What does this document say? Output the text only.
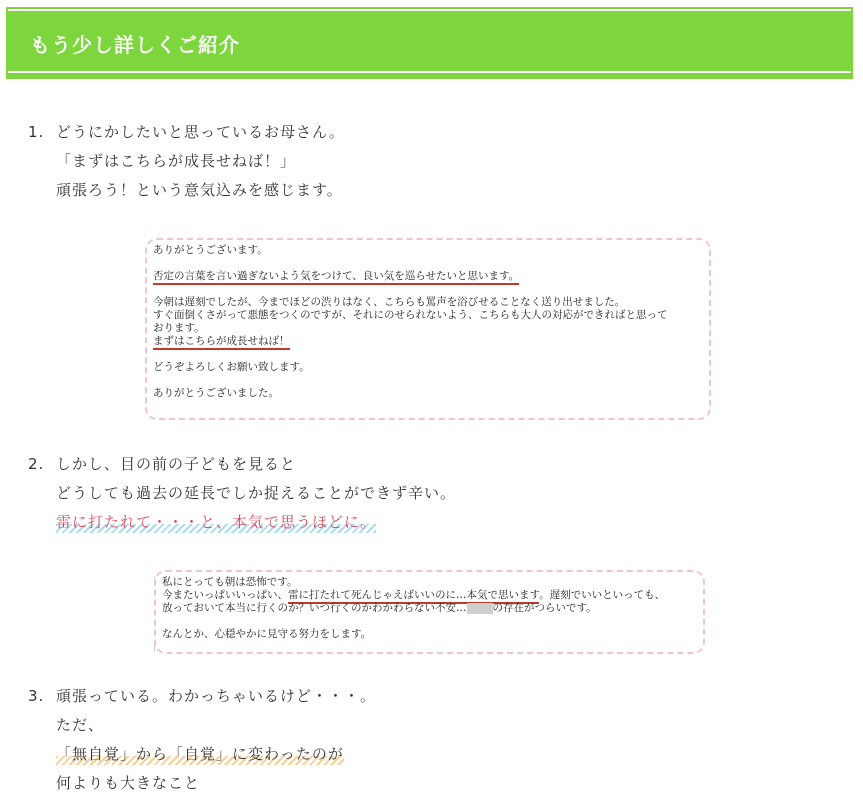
もう少し詳しくご紹介
1. どうにかしたいと思っているお母さん。
「まずはこちらが成長せねば！」
頑張ろう！という意気込みを感じます。
ありがとうございます。
否定の言葉を言い過ぎないよう気をつけて、良い気を巡らせたいと思います。
今朝は遅刻でしたが、今までほどの渋りはなく、こちらも罵声を浴びせることなく送り出せました。
すぐ面倒くさがって悪態をつくのですが、それにのせられないよう、こちらも大人の対応ができればと思って
おります。
まずはこちらが成長せねば！
どうぞよろしくお願い致します。
ありがとうございました。
2. しかし、目の前の子どもを見ると
どうしても過去の延長でしか捉えることができず辛い。
雷に打たれて・・・と、本気で思うほどに。
私にとっても朝は恐怖です。
今またいっぱいいっぱい、雷に打たれて死んじゃえばいいのに…本気で思います。遅刻でいいといっても、
放っておいて本当に行くのか？いつ行くのかわかわらない不安… の存在がつらいです。
なんとか、心穏やかに見守る努力をします。
3. 頑張っている。わかっちゃいるけど・・・。
ただ、
「無自覚」から「自覚」に変わったのが
何よりも大きなこと
